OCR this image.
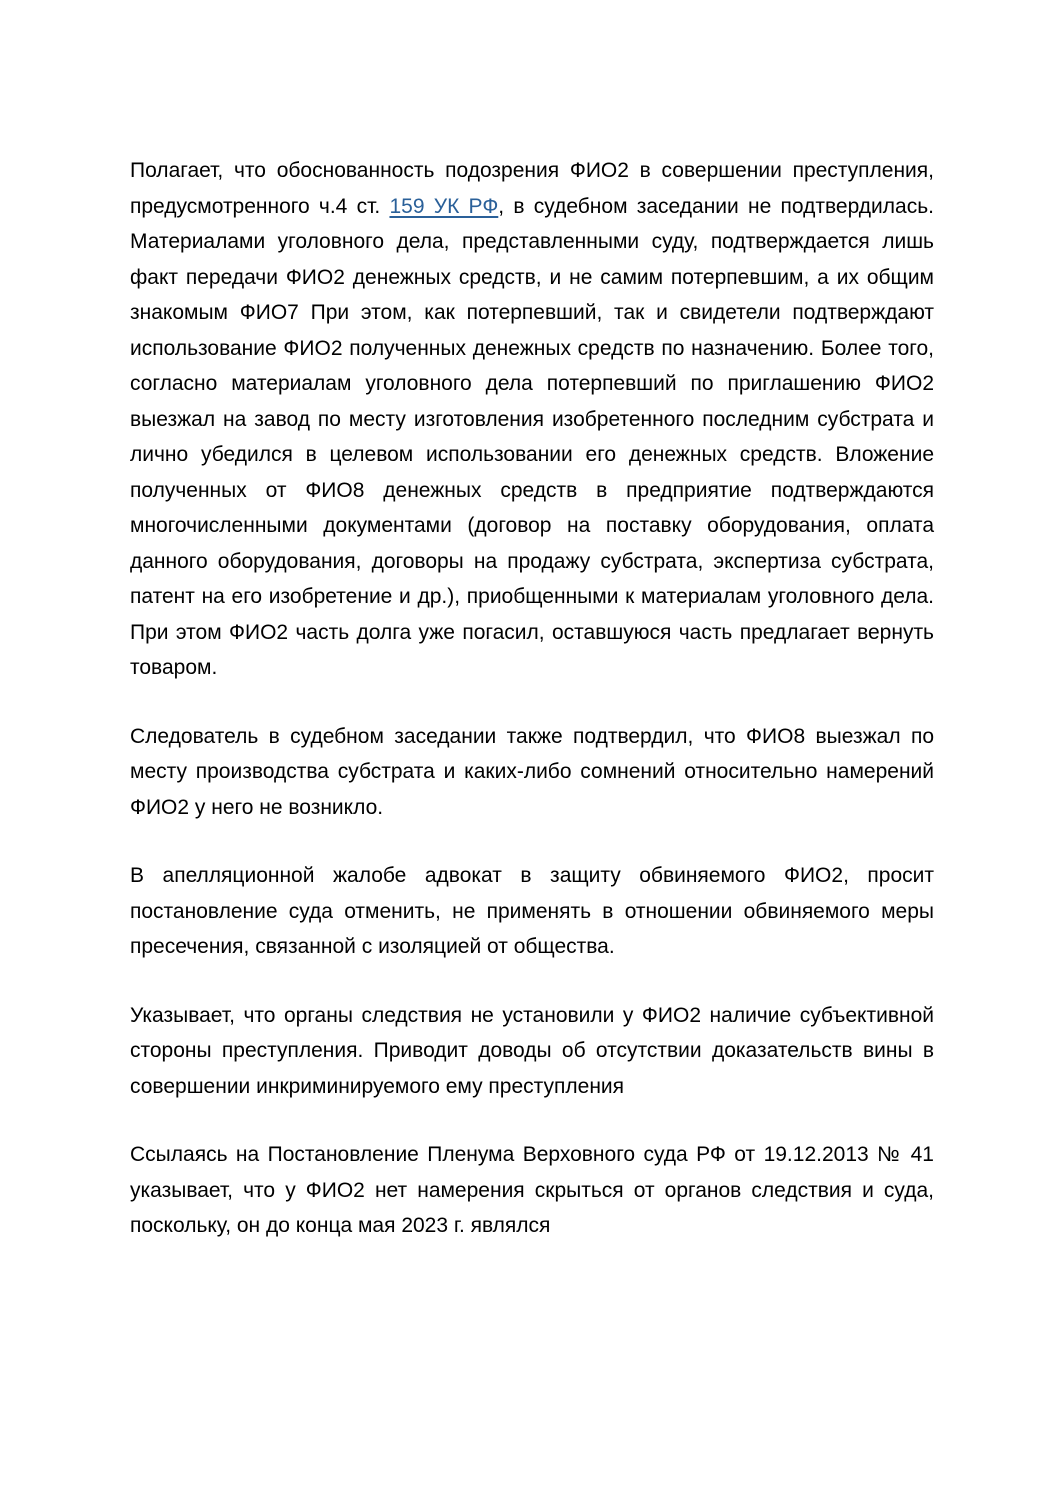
Полагает, что обоснованность подозрения ФИО2 в совершении преступления, предусмотренного ч.4 ст. 159 УК РФ, в судебном заседании не подтвердилась. Материалами уголовного дела, представленными суду, подтверждается лишь факт передачи ФИО2 денежных средств, и не самим потерпевшим, а их общим знакомым ФИО7 При этом, как потерпевший, так и свидетели подтверждают использование ФИО2 полученных денежных средств по назначению. Более того, согласно материалам уголовного дела потерпевший по приглашению ФИО2 выезжал на завод по месту изготовления изобретенного последним субстрата и лично убедился в целевом использовании его денежных средств. Вложение полученных от ФИО8 денежных средств в предприятие подтверждаются многочисленными документами (договор на поставку оборудования, оплата данного оборудования, договоры на продажу субстрата, экспертиза субстрата, патент на его изобретение и др.), приобщенными к материалам уголовного дела. При этом ФИО2 часть долга уже погасил, оставшуюся часть предлагает вернуть товаром.

Следователь в судебном заседании также подтвердил, что ФИО8 выезжал по месту производства субстрата и каких-либо сомнений относительно намерений ФИО2 у него не возникло.

В апелляционной жалобе адвокат в защиту обвиняемого ФИО2, просит постановление суда отменить, не применять в отношении обвиняемого меры пресечения, связанной с изоляцией от общества.

Указывает, что органы следствия не установили у ФИО2 наличие субъективной стороны преступления. Приводит доводы об отсутствии доказательств вины в совершении инкриминируемого ему преступления

Ссылаясь на Постановление Пленума Верховного суда РФ от 19.12.2013 № 41 указывает, что у ФИО2 нет намерения скрыться от органов следствия и суда, поскольку, он до конца мая 2023 г. являлся
